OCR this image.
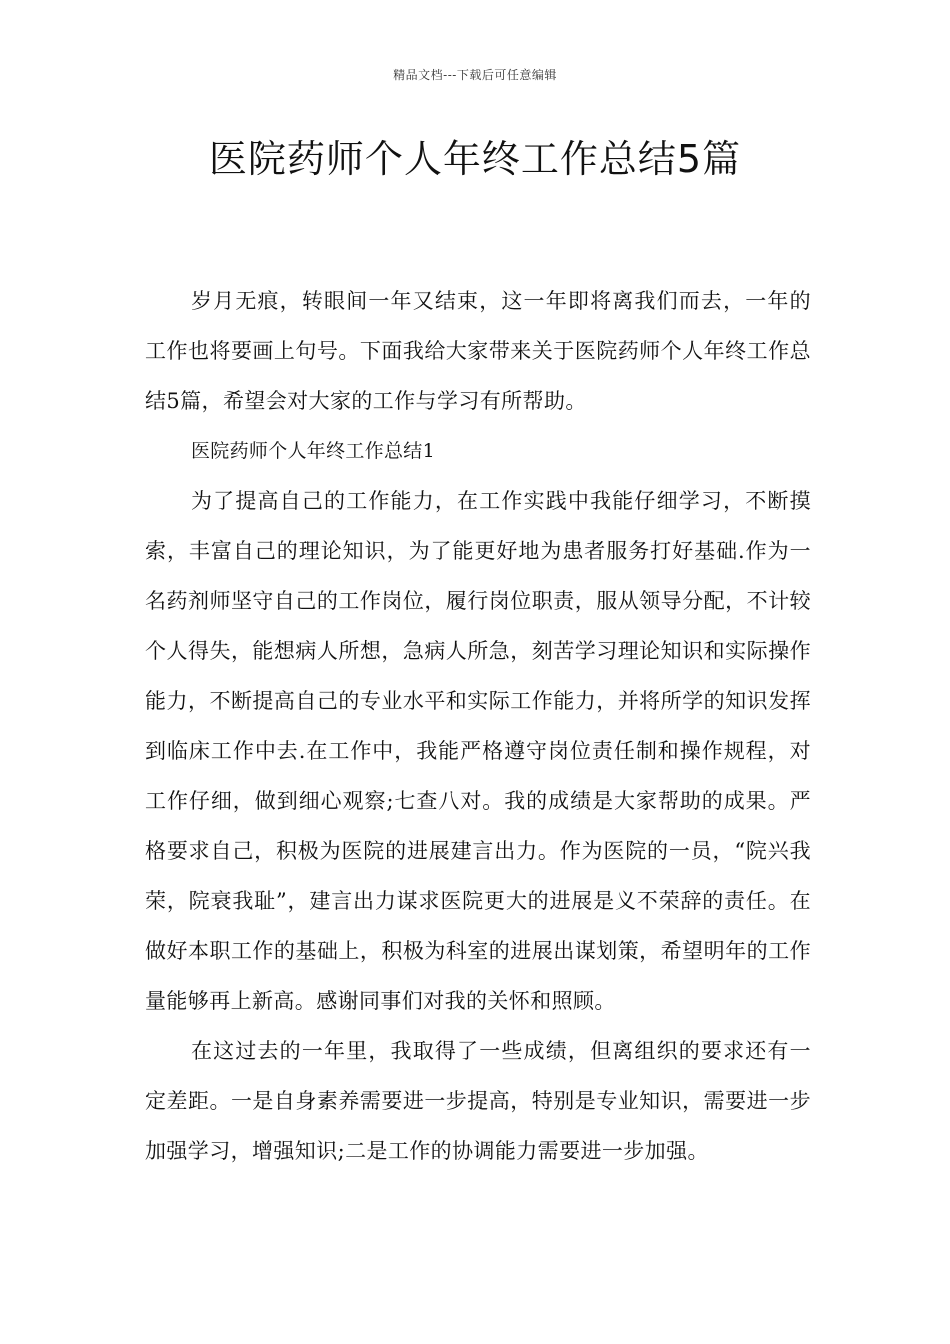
精品文档---下载后可任意编辑
医院药师个人年终工作总结5篇

岁月无痕，转眼间一年又结束，这一年即将离我们而去，一年的工作也将要画上句号。下面我给大家带来关于医院药师个人年终工作总结5篇，希望会对大家的工作与学习有所帮助。

医院药师个人年终工作总结1

为了提高自己的工作能力，在工作实践中我能仔细学习，不断摸索，丰富自己的理论知识，为了能更好地为患者服务打好基础.作为一名药剂师坚守自己的工作岗位，履行岗位职责，服从领导分配，不计较个人得失，能想病人所想，急病人所急，刻苦学习理论知识和实际操作能力，不断提高自己的专业水平和实际工作能力，并将所学的知识发挥到临床工作中去.在工作中，我能严格遵守岗位责任制和操作规程，对工作仔细，做到细心观察;七查八对。我的成绩是大家帮助的成果。严格要求自己，积极为医院的进展建言出力。作为医院的一员，“院兴我荣，院衰我耻”，建言出力谋求医院更大的进展是义不荣辞的责任。在做好本职工作的基础上，积极为科室的进展出谋划策，希望明年的工作量能够再上新高。感谢同事们对我的关怀和照顾。

在这过去的一年里，我取得了一些成绩，但离组织的要求还有一定差距。一是自身素养需要进一步提高，特别是专业知识，需要进一步加强学习，增强知识;二是工作的协调能力需要进一步加强。
